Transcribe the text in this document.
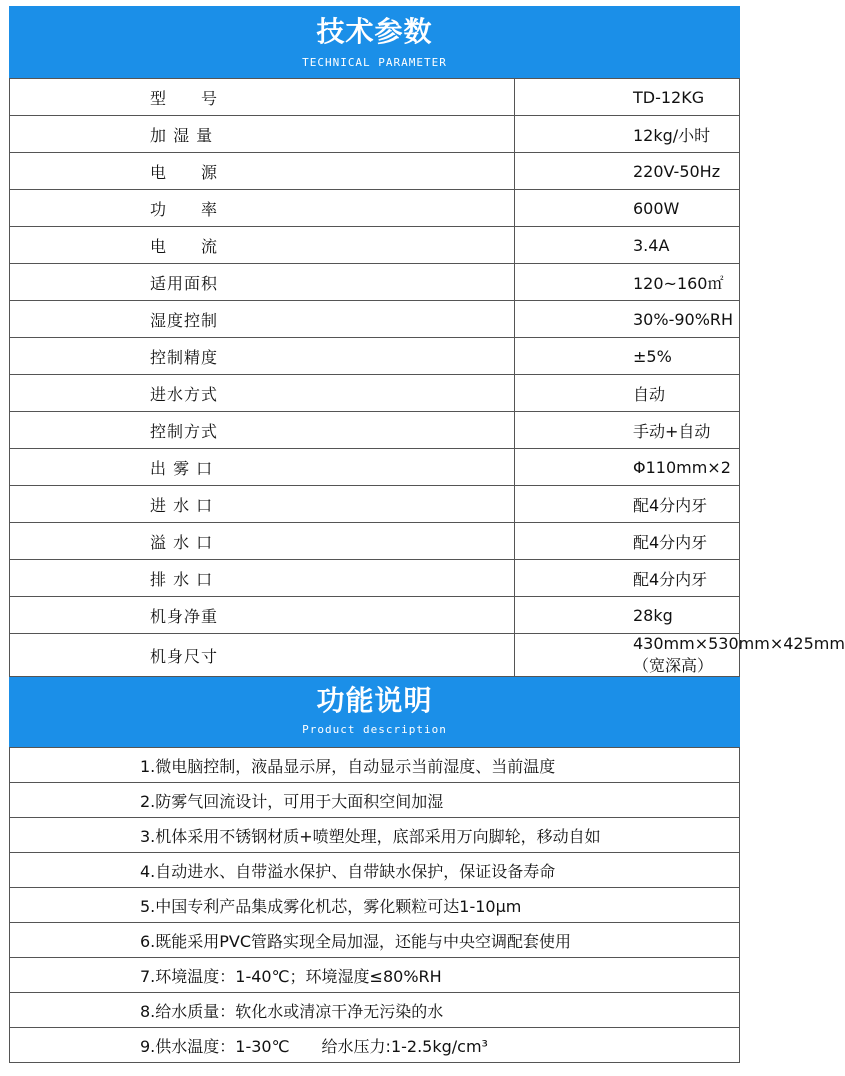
技术参数
TECHNICAL PARAMETER
型　　号	TD-12KG
加 湿 量	12kg/小时
电　　源	220V-50Hz
功　　率	600W
电　　流	3.4A
适用面积	120~160㎡
湿度控制	30%-90%RH
控制精度	±5%
进水方式	自动
控制方式	手动+自动
出 雾 口	Φ110mm×2
进 水 口	配4分内牙
溢 水 口	配4分内牙
排 水 口	配4分内牙
机身净重	28kg
机身尺寸	430mm×530mm×425mm（宽深高）
功能说明
Product description
1.微电脑控制，液晶显示屏，自动显示当前湿度、当前温度
2.防雾气回流设计，可用于大面积空间加湿
3.机体采用不锈钢材质+喷塑处理，底部采用万向脚轮，移动自如
4.自动进水、自带溢水保护、自带缺水保护，保证设备寿命
5.中国专利产品集成雾化机芯，雾化颗粒可达1-10μm
6.既能采用PVC管路实现全局加湿，还能与中央空调配套使用
7.环境温度：1-40℃；环境湿度≤80%RH
8.给水质量：软化水或清凉干净无污染的水
9.供水温度：1-30℃　　给水压力:1-2.5kg/cm³
